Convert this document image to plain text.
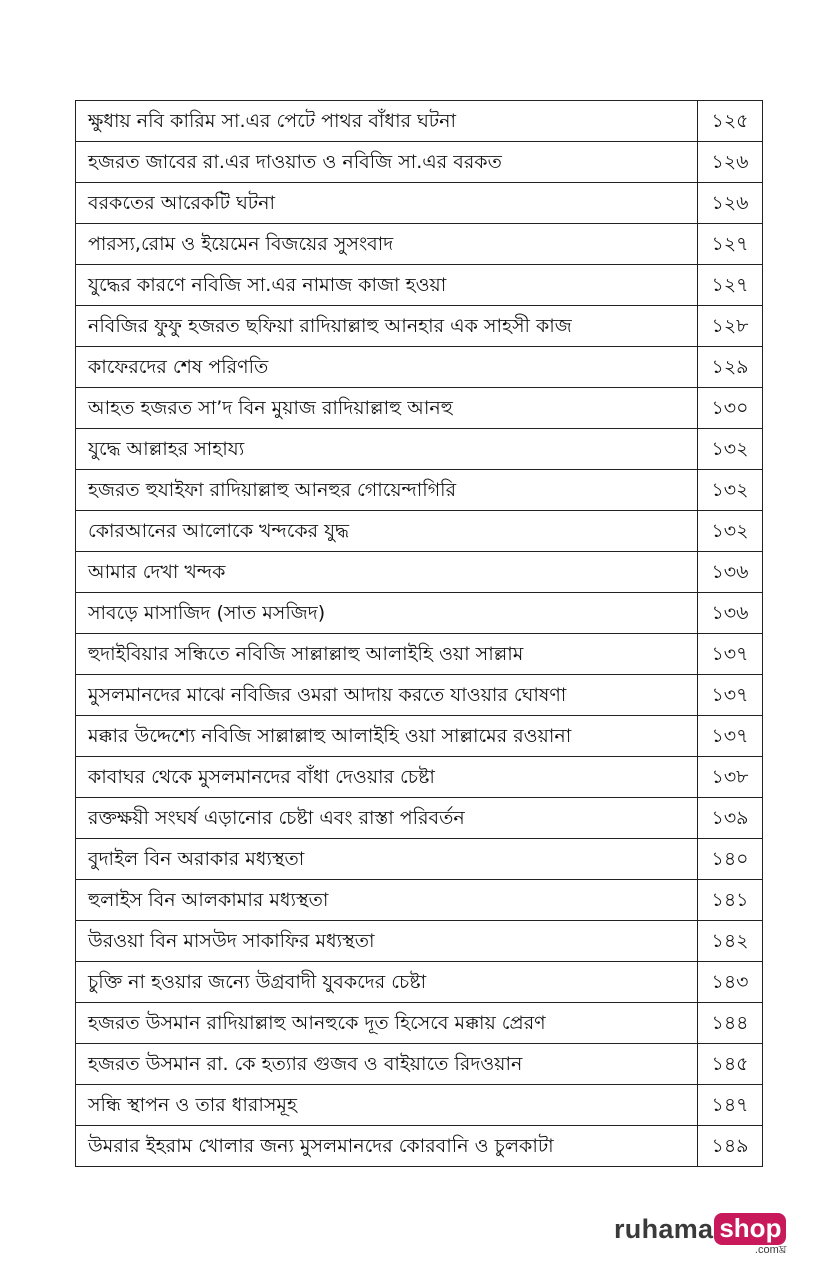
ক্ষুধায় নবি কারিম সা.এর পেটে পাথর বাঁধার ঘটনা	১২৫
হজরত জাবের রা.এর দাওয়াত ও নবিজি সা.এর বরকত	১২৬
বরকতের আরেকটি ঘটনা	১২৬
পারস্য,রোম ও ইয়েমেন বিজয়ের সুসংবাদ	১২৭
যুদ্ধের কারণে নবিজি সা.এর নামাজ কাজা হওয়া	১২৭
নবিজির ফুফু হজরত ছফিয়া রাদিয়াল্লাহু আনহার এক সাহসী কাজ	১২৮
কাফেরদের শেষ পরিণতি	১২৯
আহত হজরত সা’দ বিন মুয়াজ রাদিয়াল্লাহু আনহু	১৩০
যুদ্ধে আল্লাহর সাহায্য	১৩২
হজরত হুযাইফা রাদিয়াল্লাহু আনহুর গোয়েন্দাগিরি	১৩২
কোরআনের আলোকে খন্দকের যুদ্ধ	১৩২
আমার দেখা খন্দক	১৩৬
সাবড়ে মাসাজিদ (সাত মসজিদ)	১৩৬
হুদাইবিয়ার সন্ধিতে নবিজি সাল্লাল্লাহু আলাইহি ওয়া সাল্লাম	১৩৭
মুসলমানদের মাঝে নবিজির ওমরা আদায় করতে যাওয়ার ঘোষণা	১৩৭
মক্কার উদ্দেশ্যে নবিজি সাল্লাল্লাহু আলাইহি ওয়া সাল্লামের রওয়ানা	১৩৭
কাবাঘর থেকে মুসলমানদের বাঁধা দেওয়ার চেষ্টা	১৩৮
রক্তক্ষয়ী সংঘর্ষ এড়ানোর চেষ্টা এবং রাস্তা পরিবর্তন	১৩৯
বুদাইল বিন অরাকার মধ্যস্থতা	১৪০
হুলাইস বিন আলকামার মধ্যস্থতা	১৪১
উরওয়া বিন মাসউদ সাকাফির মধ্যস্থতা	১৪২
চুক্তি না হওয়ার জন্যে উগ্রবাদী যুবকদের চেষ্টা	১৪৩
হজরত উসমান রাদিয়াল্লাহু আনহুকে দূত হিসেবে মক্কায় প্রেরণ	১৪৪
হজরত উসমান রা. কে হত্যার গুজব ও বাইয়াতে রিদওয়ান	১৪৫
সন্ধি স্থাপন ও তার ধারাসমূহ	১৪৭
উমরার ইহরাম খোলার জন্য মুসলমানদের কোরবানি ও চুলকাটা	১৪৯
ruhama shop
.comঘ্র
